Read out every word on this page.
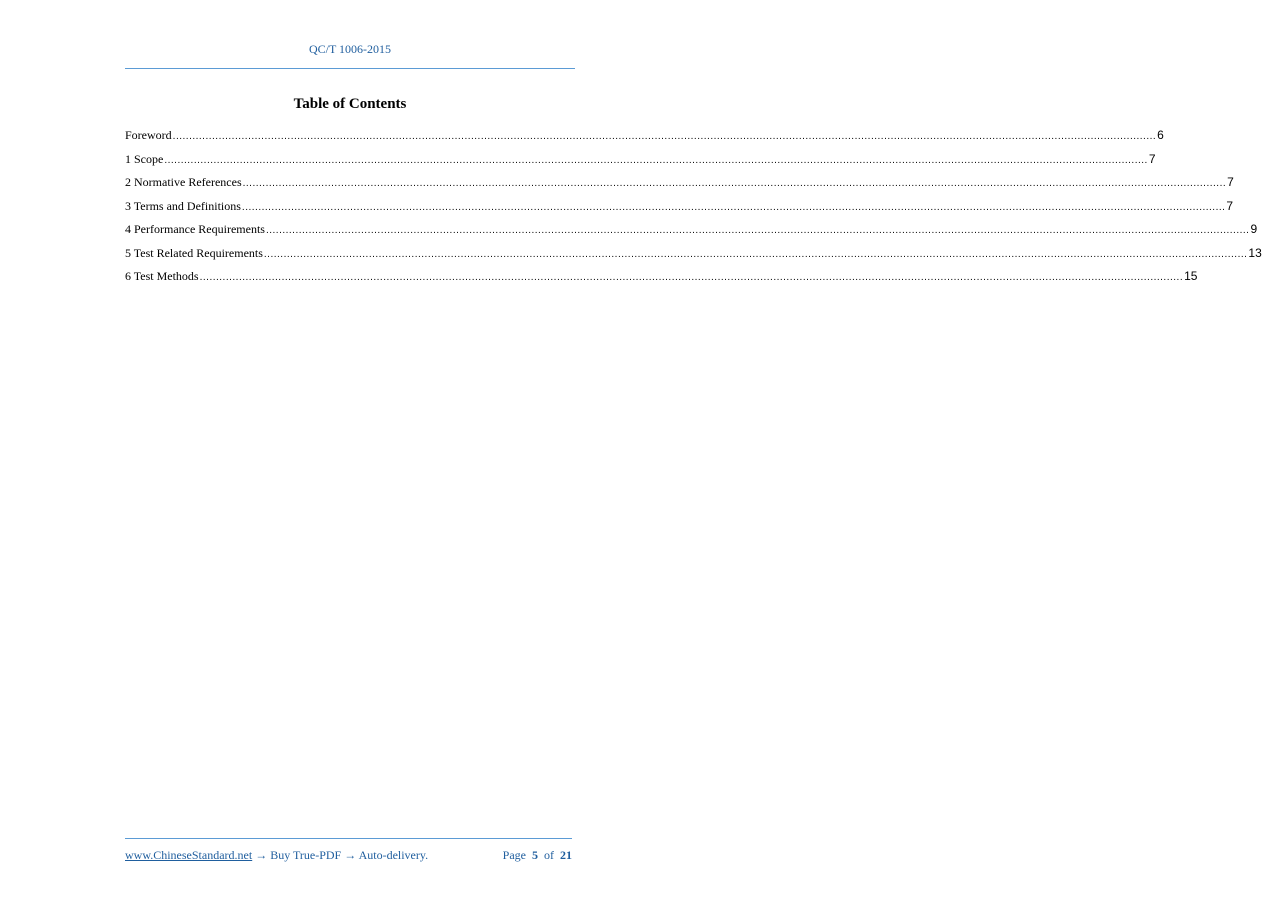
QC/T 1006-2015
Table of Contents
Foreword ............................................................................................................................................................................................................................................................................................................ 6
1 Scope ............................................................................................................................................................................................................................................................................................................ 7
2 Normative References ............................................................................................................................................................................................................................................................................................................ 7
3 Terms and Definitions ............................................................................................................................................................................................................................................................................................................ 7
4 Performance Requirements ............................................................................................................................................................................................................................................................................................................ 9
5 Test Related Requirements ............................................................................................................................................................................................................................................................................................................ 13
6 Test Methods ............................................................................................................................................................................................................................................................................................................ 15
www.ChineseStandard.net → Buy True-PDF → Auto-delivery.	Page 5 of 21
